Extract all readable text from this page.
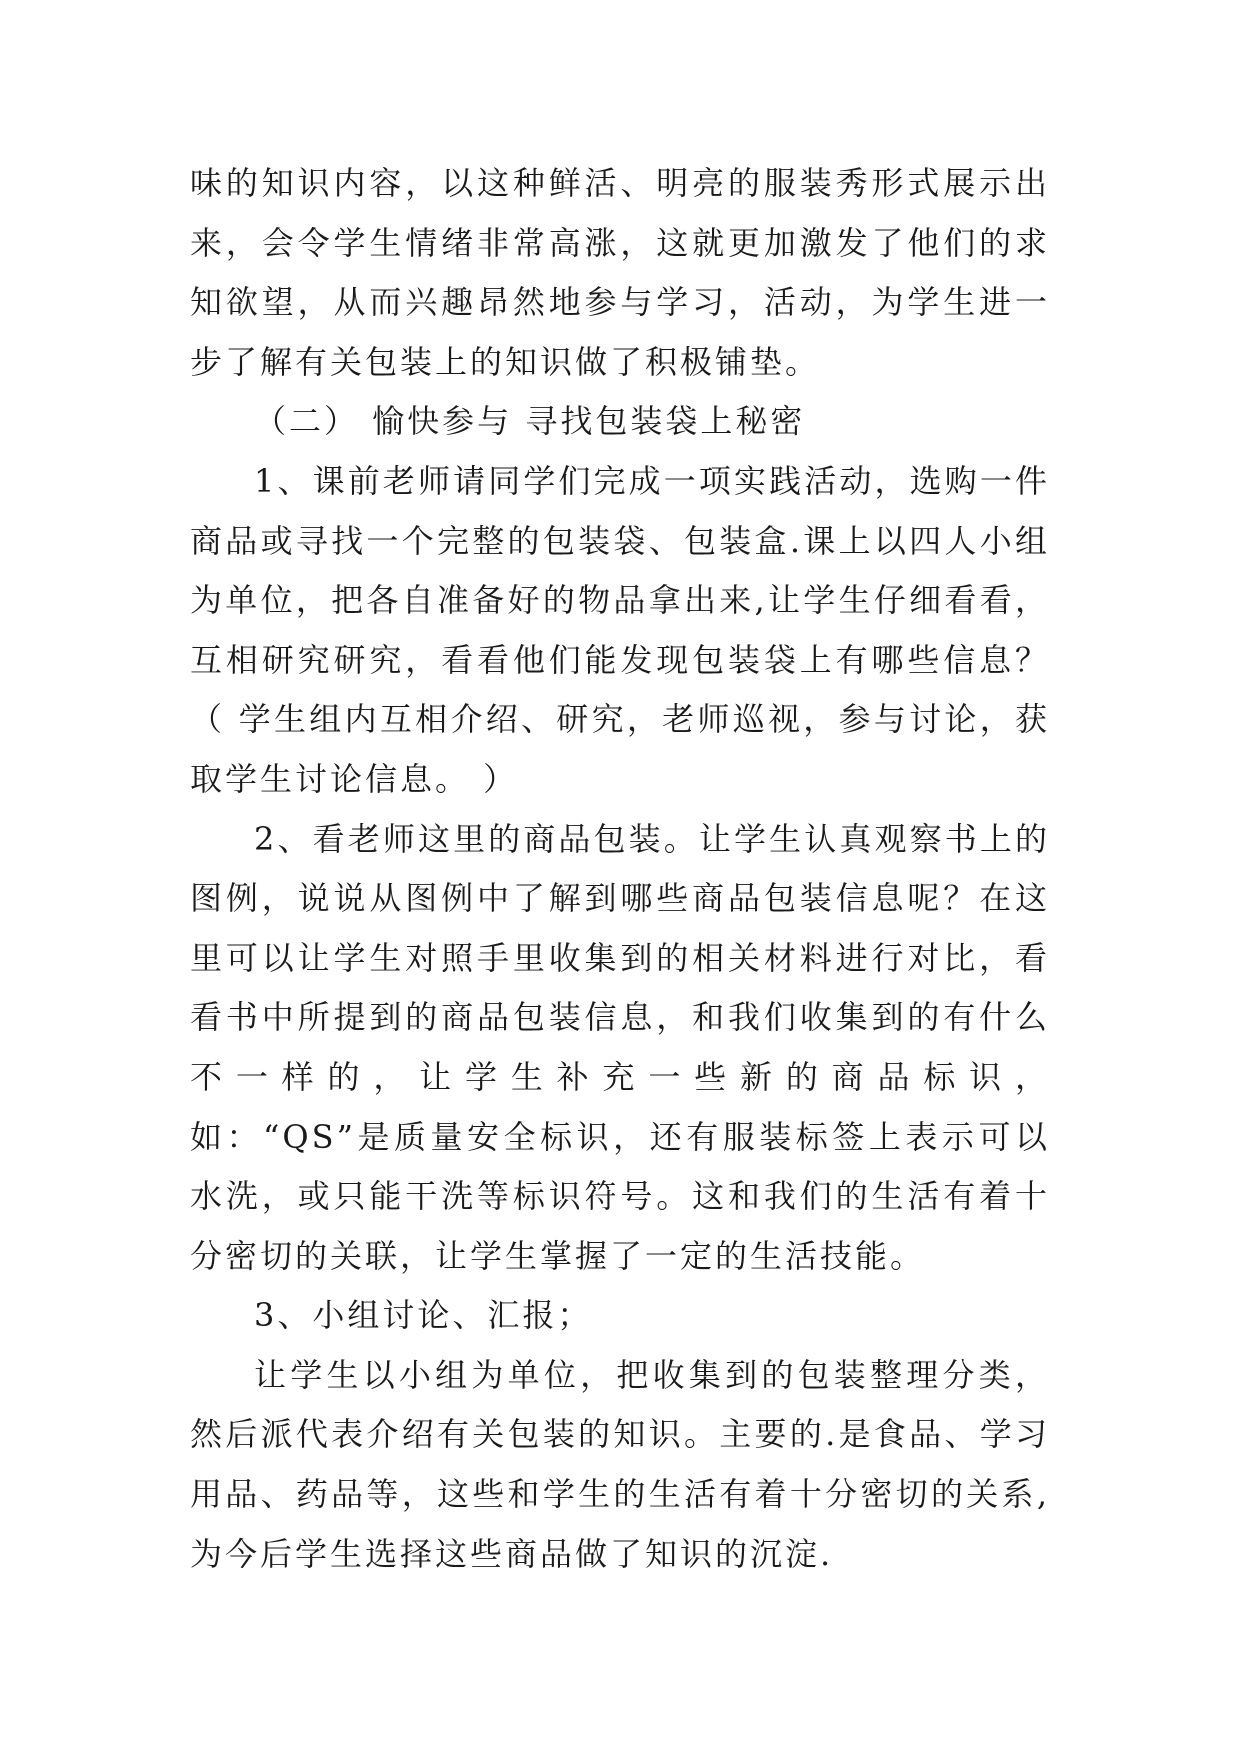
味的知识内容，以这种鲜活、明亮的服装秀形式展示出来，会令学生情绪非常高涨，这就更加激发了他们的求知欲望，从而兴趣昂然地参与学习，活动，为学生进一步了解有关包装上的知识做了积极铺垫。

（二） 愉快参与 寻找包装袋上秘密

1、课前老师请同学们完成一项实践活动，选购一件商品或寻找一个完整的包装袋、包装盒.课上以四人小组为单位，把各自准备好的物品拿出来,让学生仔细看看，互相研究研究，看看他们能发现包装袋上有哪些信息？（ 学生组内互相介绍、研究，老师巡视，参与讨论，获取学生讨论信息。 ）

2、看老师这里的商品包装。让学生认真观察书上的图例，说说从图例中了解到哪些商品包装信息呢？在这里可以让学生对照手里收集到的相关材料进行对比，看看书中所提到的商品包装信息，和我们收集到的有什么不一样的，让学生补充一些新的商品标识，如：“QS”是质量安全标识，还有服装标签上表示可以水洗，或只能干洗等标识符号。这和我们的生活有着十分密切的关联，让学生掌握了一定的生活技能。

3、小组讨论、汇报；

让学生以小组为单位，把收集到的包装整理分类，然后派代表介绍有关包装的知识。主要的.是食品、学习用品、药品等，这些和学生的生活有着十分密切的关系,为今后学生选择这些商品做了知识的沉淀.
